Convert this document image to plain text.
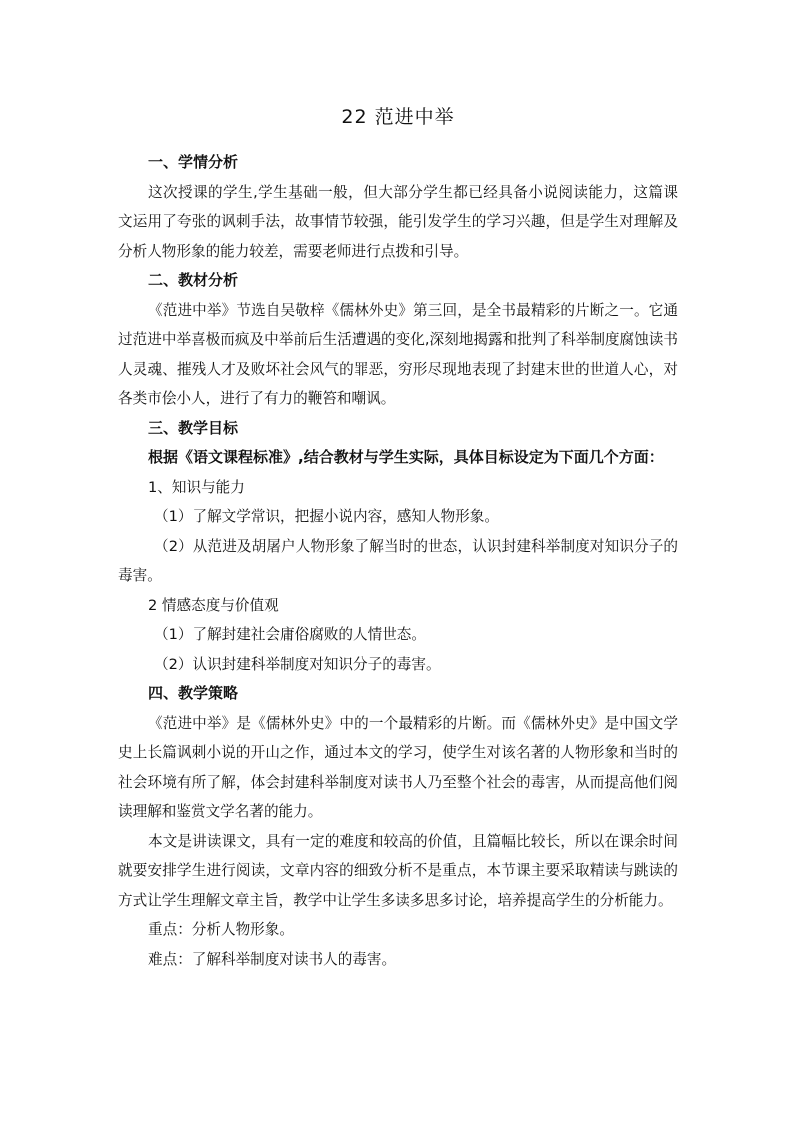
22 范进中举

一、学情分析

这次授课的学生,学生基础一般，但大部分学生都已经具备小说阅读能力，这篇课文运用了夸张的讽刺手法，故事情节较强，能引发学生的学习兴趣，但是学生对理解及分析人物形象的能力较差，需要老师进行点拨和引导。

二、教材分析

《范进中举》节选自吴敬梓《儒林外史》第三回，是全书最精彩的片断之一。它通过范进中举喜极而疯及中举前后生活遭遇的变化,深刻地揭露和批判了科举制度腐蚀读书人灵魂、摧残人才及败坏社会风气的罪恶，穷形尽现地表现了封建末世的世道人心，对各类市侩小人，进行了有力的鞭笞和嘲讽。

三、教学目标

根据《语文课程标准》,结合教材与学生实际，具体目标设定为下面几个方面：

1、知识与能力

（1）了解文学常识，把握小说内容，感知人物形象。

（2）从范进及胡屠户人物形象了解当时的世态，认识封建科举制度对知识分子的毒害。

2 情感态度与价值观

（1）了解封建社会庸俗腐败的人情世态。

（2）认识封建科举制度对知识分子的毒害。

四、教学策略

《范进中举》是《儒林外史》中的一个最精彩的片断。而《儒林外史》是中国文学史上长篇讽刺小说的开山之作，通过本文的学习，使学生对该名著的人物形象和当时的社会环境有所了解，体会封建科举制度对读书人乃至整个社会的毒害，从而提高他们阅读理解和鉴赏文学名著的能力。

本文是讲读课文，具有一定的难度和较高的价值，且篇幅比较长，所以在课余时间就要安排学生进行阅读，文章内容的细致分析不是重点，本节课主要采取精读与跳读的方式让学生理解文章主旨，教学中让学生多读多思多讨论，培养提高学生的分析能力。

重点：分析人物形象。

难点：了解科举制度对读书人的毒害。
